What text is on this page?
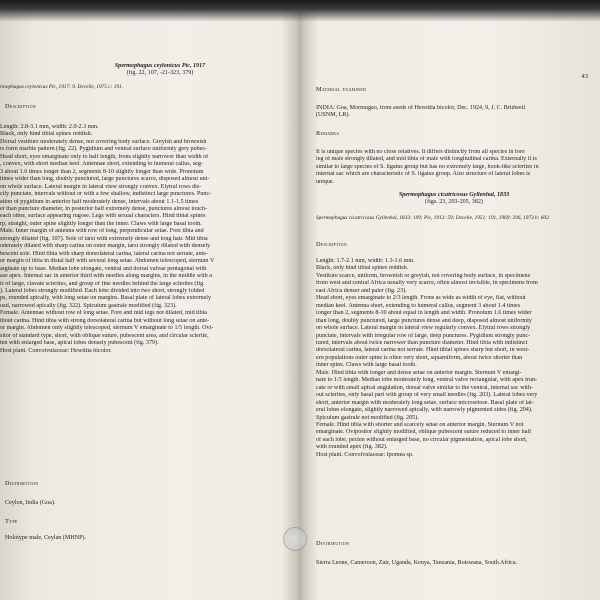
Spermophagus ceylonicus Pic, 1917
(fig. 22, 107, -21-323, 379)

rmophagus ceylonicus Pic, 1917: 9. Decelle, 1975 c: 191.

Description

Length: 2.8-3.1 mm, width: 2.0-2.3 mm.
Black, only hind tibial spines reddish.
Dorsal vestiture moderately dense, not covering body surface. Greyish and brownish
rs form marble pattern (fig. 22). Pygidium and ventral surface uniformly grey pubes-
Head short, eyes emarginate only to half length, frons slightly narrower than width of
, convex, with short median keel. Antennae short, extending to humeral callus, seg-
3 about 1.6 times longer than 2, segments 8-10 slightly longer than wide. Pronotum
times wider than long, doubly punctured, large punctures scarce, disposed almost uni-
on whole surface. Lateral margin in lateral view strongly convex. Elytral rows dis-
ctly punctate, intervals without or with a few shallow, indistinct large punctures. Punc-
ation of pygidium in anterior half moderately dense, intervals about 1.1-1.5 times
er than puncture diameter, in posterior half extremely dense, punctures almost touch-
each other, surface appearing rugose. Legs with sexual characters. Hind tibial spines
rp, straight, outer spine slightly longer than the inner. Claws with large basal tooth.
Male. Inner margin of antenna with row of long, perpendicular setae. Fore tibia and
strongly dilated (fig. 107). Sole of tarsi with extremely dense and long hair. Mid tibia
oderately dilated with sharp carina on outer margin, tarsi strongly dilated with densely
bescent sole. Hind tibia with sharp dorsolateral carina, lateral carina not serrate, ante-
or margin of tibia in distal half with several long setae. Abdomen telescoped, sternum V
arginate up to base. Median lobe elongate, ventral and dorsal valvae pentagonal with
ase apex. Internal sac in anterior third with needles along margins, in the middle with a
ir of large, clavate sclerites, and group of fine needles behind the large sclerites (fig.
). Lateral lobes strongly modified. Each lobe divided into two short, strongly folded
ps, rounded apically, with long setae on margins. Basal plate of lateral lobes extremely
oad, narrowed apically (fig. 322). Spiculum gastrale modified (fig. 323).
Female. Antennae without row of long setae. Fore and mid legs not dilated, mid tibia
thout carina. Hind tibia with strong dorsolateral carina but without long setae on ante-
or margin. Abdomen only slightly telescoped, sternum V emarginate to 1/5 length. Ovi-
sitor of standard type, short, with oblique suture, pubescent area, and circular sclerite,
ten with enlarged base, apical lobes densely pubescent (fig. 379).
Host plant. Convolvulaceae: Hewittia bicolor.

Distribution

Ceylon, India (Goa).

Type

Holotype male, Ceylan (MHNP).

43

Material examined

INDIA: Goa, Mormugao, from seeds of Hewittia bicolor, Dec. 1924, 9, J. C. Bridwell
(USNM, LB).

Remarks

It is unique species with no close relatives. It differs distinctly from all species in fore
leg of male strongly dilated, and mid tibia of male with longitudinal carina. Externally it is
similar to large species of S. ligatus group but has no extremely large, hook-like sclerites in
internal sac which are characteristic of S. ligatus group. Also structure of lateral lobes is
unique.

Spermophagus cicatricosus Gyllenhal, 1833
(figs. 23, 203-205, 382)

Spermophagus cicatricosus Gyllenhal, 1833: 109; Pic, 1913: 59; Decelle, 1951: 191, 1969: 296, 1973 b: 602.

Description

Length: 1.7-2.1 mm, width: 1.3-1.6 mm.
Black, only hind tibial spines reddish.
Vestiture scarce, uniform, brownish or greyish, not covering body surface, in specimens
from west and central Africa usually very scarce, often almost invisible, in specimens from
east Africa denser and paler (fig. 23).
Head short, eyes emarginate to 2/3 length. Frons as wide as width of eye, flat, without
median keel. Antenna short, extending to humeral callus, segment 3 about 1.4 times
longer than 2, segments 8-10 about equal in length and width. Pronotum 1.6 times wider
than long, doubly punctured, large punctures dense and deep, disposed almost uniformly
on whole surface. Lateral margin in lateral view regularly convex. Elytral rows strongly
punctate, intervals with irregular row of large, deep punctures. Pygidium strongly punc-
tured, intervals about twice narrower than puncture diameter. Hind tibia with indistinct
dorsolateral carina, lateral carina not serrate. Hind tibial spines sharp but short, in west-
ern populations outer spine is often very short, squamiform, about twice shorter than
inner spine. Claws with large basal tooth.
Male. Hind tibia with longer and dense setae on anterior margin. Sternum V emargi-
nate to 1/3 length. Median lobe moderately long, ventral valve rectangular, with apex trun-
cate or with small apical angulation, dorsal valve similar to the ventral, internal sac with-
out sclerites, only basal part with group of very small needles (fig. 203). Lateral lobes very
short, anterior margin with moderately long setae, surface microsetose. Basal plate of lat-
eral lobes elongate, slightly narrowed apically, with narrowly pigmented sides (fig. 204).
Spiculum gastrale not modified (fig. 205).
Female. Hind tibia with shorter and scarcely setae on anterior margin. Sternum V not
emarginate. Ovipositor slightly modified, oblique pubescent suture reduced to inner half
of each lobe, pecten without enlarged base, no circular pigmentation, apical lobe short,
with rounded apex (fig. 382).
Host plant. Convolvulaceae: Ipomea sp.

Distribution

Sierra Leone, Cameroon, Zair, Uganda, Kenya, Tanzania, Botswana, South Africa.
